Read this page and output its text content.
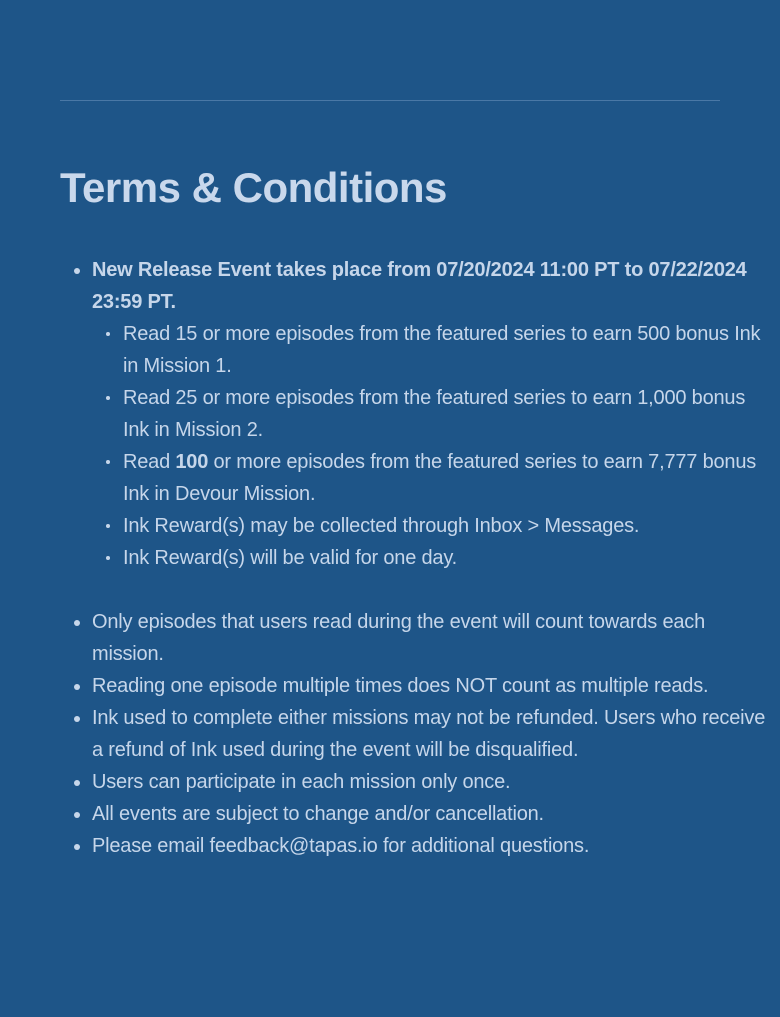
Terms & Conditions
• New Release Event takes place from 07/20/2024 11:00 PT to 07/22/2024 23:59 PT.
Read 15 or more episodes from the featured series to earn 500 bonus Ink in Mission 1.
Read 25 or more episodes from the featured series to earn 1,000 bonus Ink in Mission 2.
Read 100 or more episodes from the featured series to earn 7,777 bonus Ink in Devour Mission.
Ink Reward(s) may be collected through Inbox > Messages.
Ink Reward(s) will be valid for one day.
• Only episodes that users read during the event will count towards each mission.
• Reading one episode multiple times does NOT count as multiple reads.
• Ink used to complete either missions may not be refunded. Users who receive a refund of Ink used during the event will be disqualified.
• Users can participate in each mission only once.
• All events are subject to change and/or cancellation.
• Please email feedback@tapas.io for additional questions.
